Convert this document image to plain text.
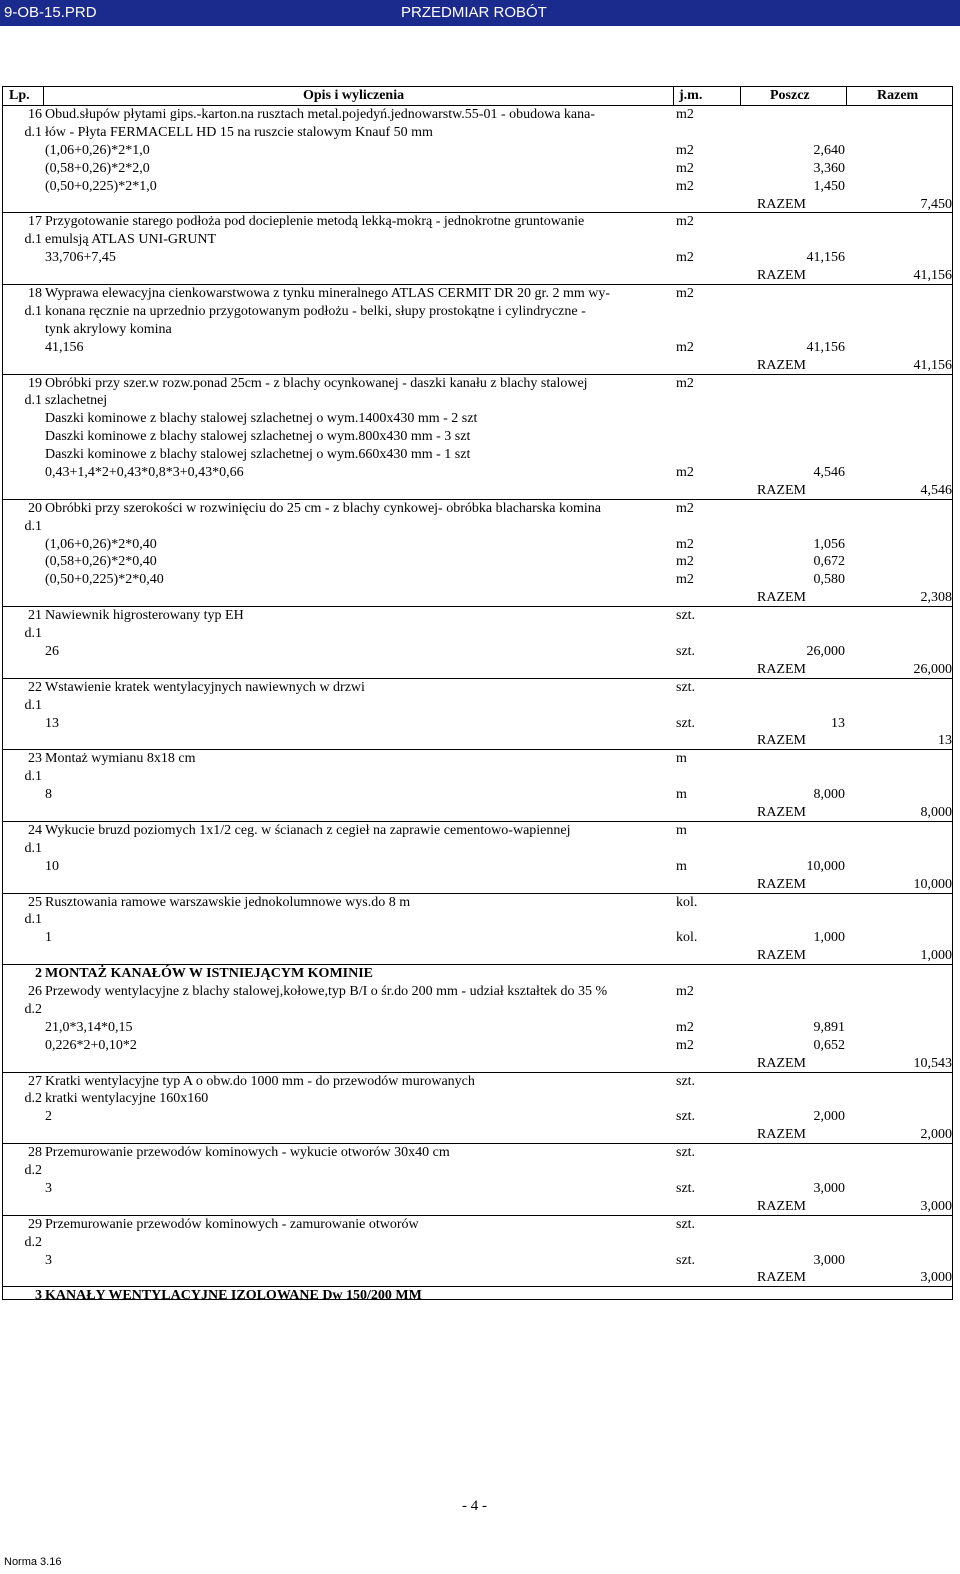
9-OB-15.PRD	PRZEDMIAR ROBÓT
Lp.	Opis i wyliczenia	j.m.	Poszcz	Razem
16 Obud.słupów płytami gips.-karton.na rusztach metal.pojedyń.jednowarstw.55-01 - obudowa kana-	m2
d.1 łów - Płyta FERMACELL HD 15 na ruszcie stalowym Knauf 50 mm
(1,06+0,26)*2*1,0	m2	2,640
(0,58+0,26)*2*2,0	m2	3,360
(0,50+0,225)*2*1,0	m2	1,450
RAZEM	7,450
17 Przygotowanie starego podłoża pod docieplenie metodą lekką-mokrą - jednokrotne gruntowanie	m2
d.1 emulsją ATLAS UNI-GRUNT
33,706+7,45	m2	41,156
RAZEM	41,156
18 Wyprawa elewacyjna cienkowarstwowa z tynku mineralnego ATLAS CERMIT DR 20 gr. 2 mm wy-	m2
d.1 konana ręcznie na uprzednio przygotowanym podłożu - belki, słupy prostokątne i cylindryczne -
tynk akrylowy komina
41,156	m2	41,156
RAZEM	41,156
19 Obróbki przy szer.w rozw.ponad 25cm - z blachy ocynkowanej - daszki kanału z blachy stalowej	m2
d.1 szlachetnej
Daszki kominowe z blachy stalowej szlachetnej o wym.1400x430 mm - 2 szt
Daszki kominowe z blachy stalowej szlachetnej o wym.800x430 mm - 3 szt
Daszki kominowe z blachy stalowej szlachetnej o wym.660x430 mm - 1 szt
0,43+1,4*2+0,43*0,8*3+0,43*0,66	m2	4,546
RAZEM	4,546
20 Obróbki przy szerokości w rozwinięciu do 25 cm - z blachy cynkowej- obróbka blacharska komina	m2
d.1
(1,06+0,26)*2*0,40	m2	1,056
(0,58+0,26)*2*0,40	m2	0,672
(0,50+0,225)*2*0,40	m2	0,580
RAZEM	2,308
21 Nawiewnik higrosterowany typ EH	szt.
d.1
26	szt.	26,000
RAZEM	26,000
22 Wstawienie kratek wentylacyjnych nawiewnych w drzwi	szt.
d.1
13	szt.	13
RAZEM	13
23 Montaż wymianu 8x18 cm	m
d.1
8	m	8,000
RAZEM	8,000
24 Wykucie bruzd poziomych 1x1/2 ceg. w ścianach z cegieł na zaprawie cementowo-wapiennej	m
d.1
10	m	10,000
RAZEM	10,000
25 Rusztowania ramowe warszawskie jednokolumnowe wys.do 8 m	kol.
d.1
1	kol.	1,000
RAZEM	1,000
2 MONTAŻ KANAŁÓW W ISTNIEJĄCYM KOMINIE
26 Przewody wentylacyjne z blachy stalowej,kołowe,typ B/I o śr.do 200 mm - udział kształtek do 35 %	m2
d.2
21,0*3,14*0,15	m2	9,891
0,226*2+0,10*2	m2	0,652
RAZEM	10,543
27 Kratki wentylacyjne typ A o obw.do 1000 mm - do przewodów murowanych	szt.
d.2 kratki wentylacyjne 160x160
2	szt.	2,000
RAZEM	2,000
28 Przemurowanie przewodów kominowych - wykucie otworów 30x40 cm	szt.
d.2
3	szt.	3,000
RAZEM	3,000
29 Przemurowanie przewodów kominowych - zamurowanie otworów	szt.
d.2
3	szt.	3,000
RAZEM	3,000
3 KANAŁY WENTYLACYJNE IZOLOWANE Dw 150/200 MM
- 4 -
Norma 3.16
